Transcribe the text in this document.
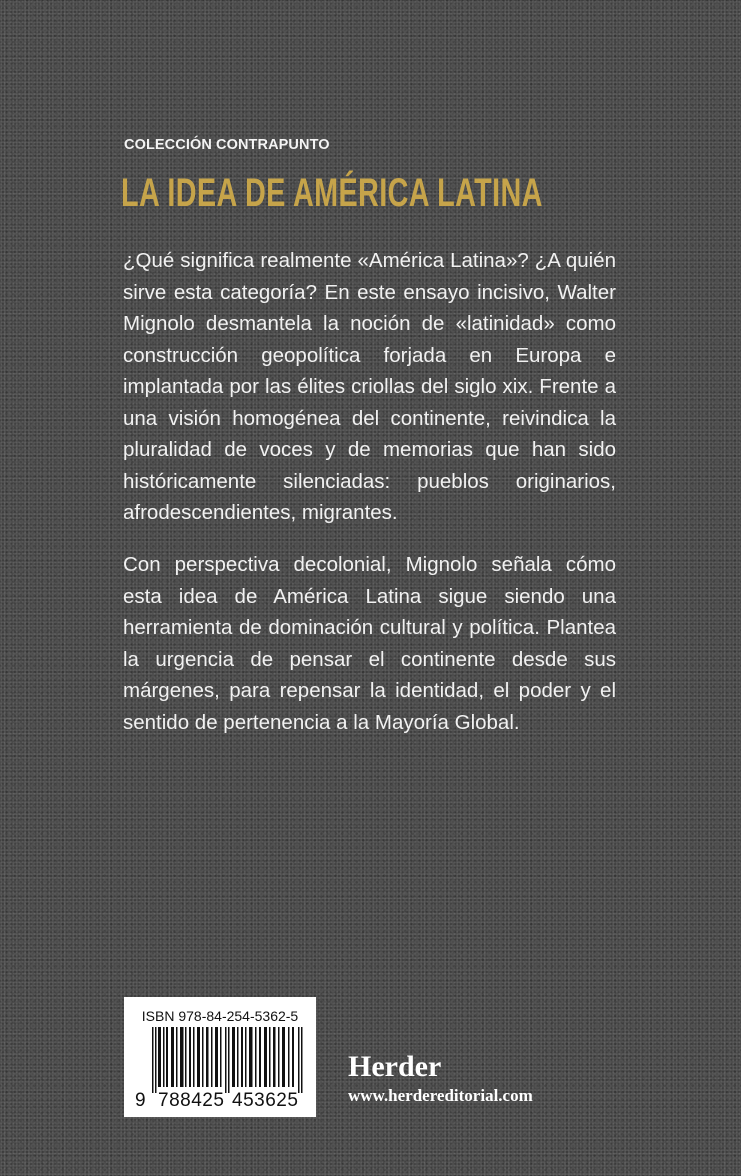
COLECCIÓN CONTRAPUNTO

LA IDEA DE AMÉRICA LATINA

¿Qué significa realmente «América Latina»? ¿A quién sirve esta categoría? En este ensayo incisivo, Walter Mignolo desmantela la noción de «latinidad» como construcción geopolítica forjada en Europa e implantada por las élites criollas del siglo xix. Frente a una visión homogénea del continente, reivindica la pluralidad de voces y de memorias que han sido históricamente silenciadas: pueblos originarios, afrodescendientes, migrantes.

Con perspectiva decolonial, Mignolo señala cómo esta idea de América Latina sigue siendo una herramienta de dominación cultural y política. Plantea la urgencia de pensar el continente desde sus márgenes, para repensar la identidad, el poder y el sentido de pertenencia a la Mayoría Global.

ISBN 978-84-254-5362-5
9 788425 453625

Herder

www.herdereditorial.com
